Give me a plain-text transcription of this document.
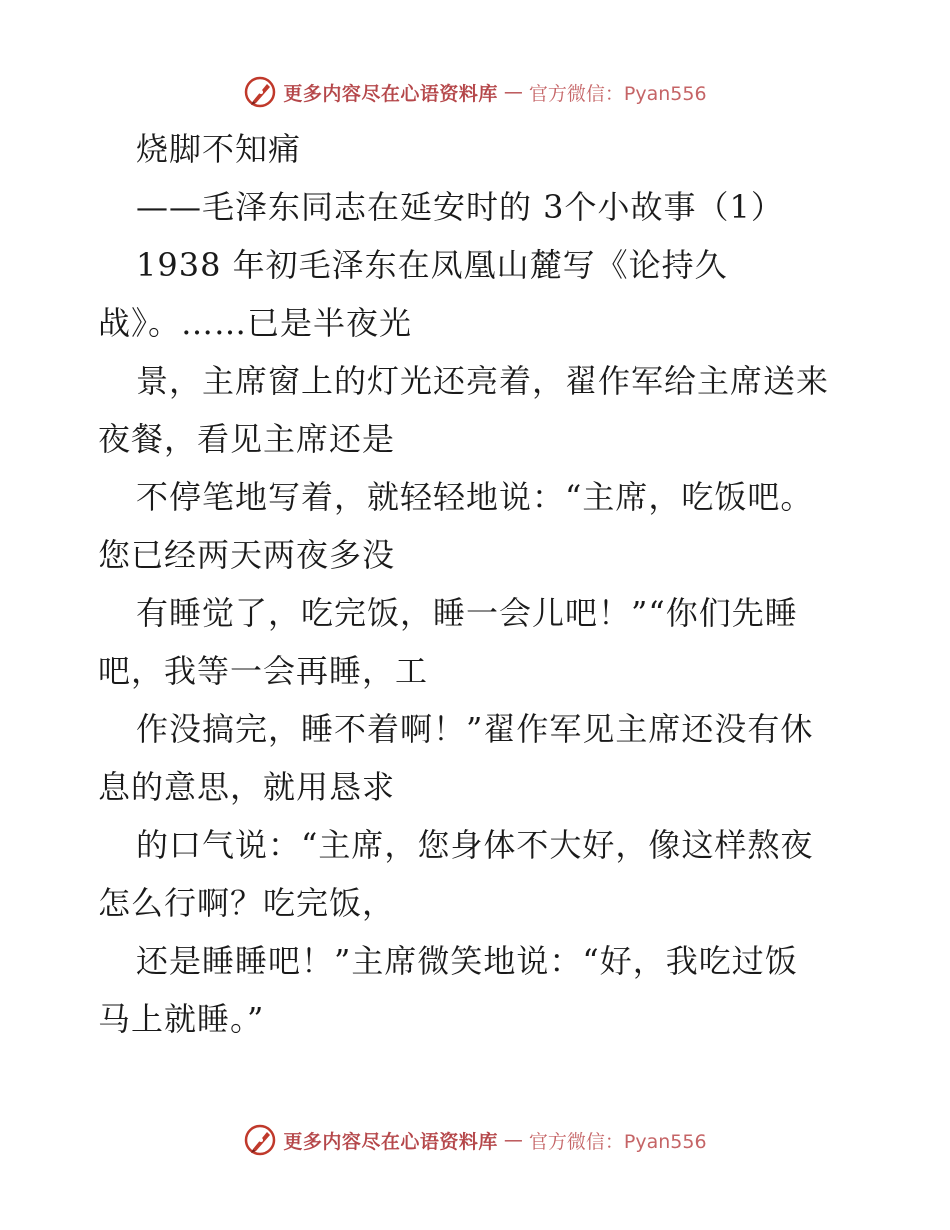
更多内容尽在心语资料库 — 官方微信：Pyan556
烧脚不知痛
——毛泽东同志在延安时的 3个小故事（1）
1938 年初毛泽东在凤凰山麓写《论持久
战》。……已是半夜光
景，主席窗上的灯光还亮着，翟作军给主席送来
夜餐，看见主席还是
不停笔地写着，就轻轻地说：“主席，吃饭吧。
您已经两天两夜多没
有睡觉了，吃完饭，睡一会儿吧！”“你们先睡
吧，我等一会再睡，工
作没搞完，睡不着啊！”翟作军见主席还没有休
息的意思，就用恳求
的口气说：“主席，您身体不大好，像这样熬夜
怎么行啊？吃完饭，
还是睡睡吧！”主席微笑地说：“好，我吃过饭
马上就睡。”
更多内容尽在心语资料库 — 官方微信：Pyan556
